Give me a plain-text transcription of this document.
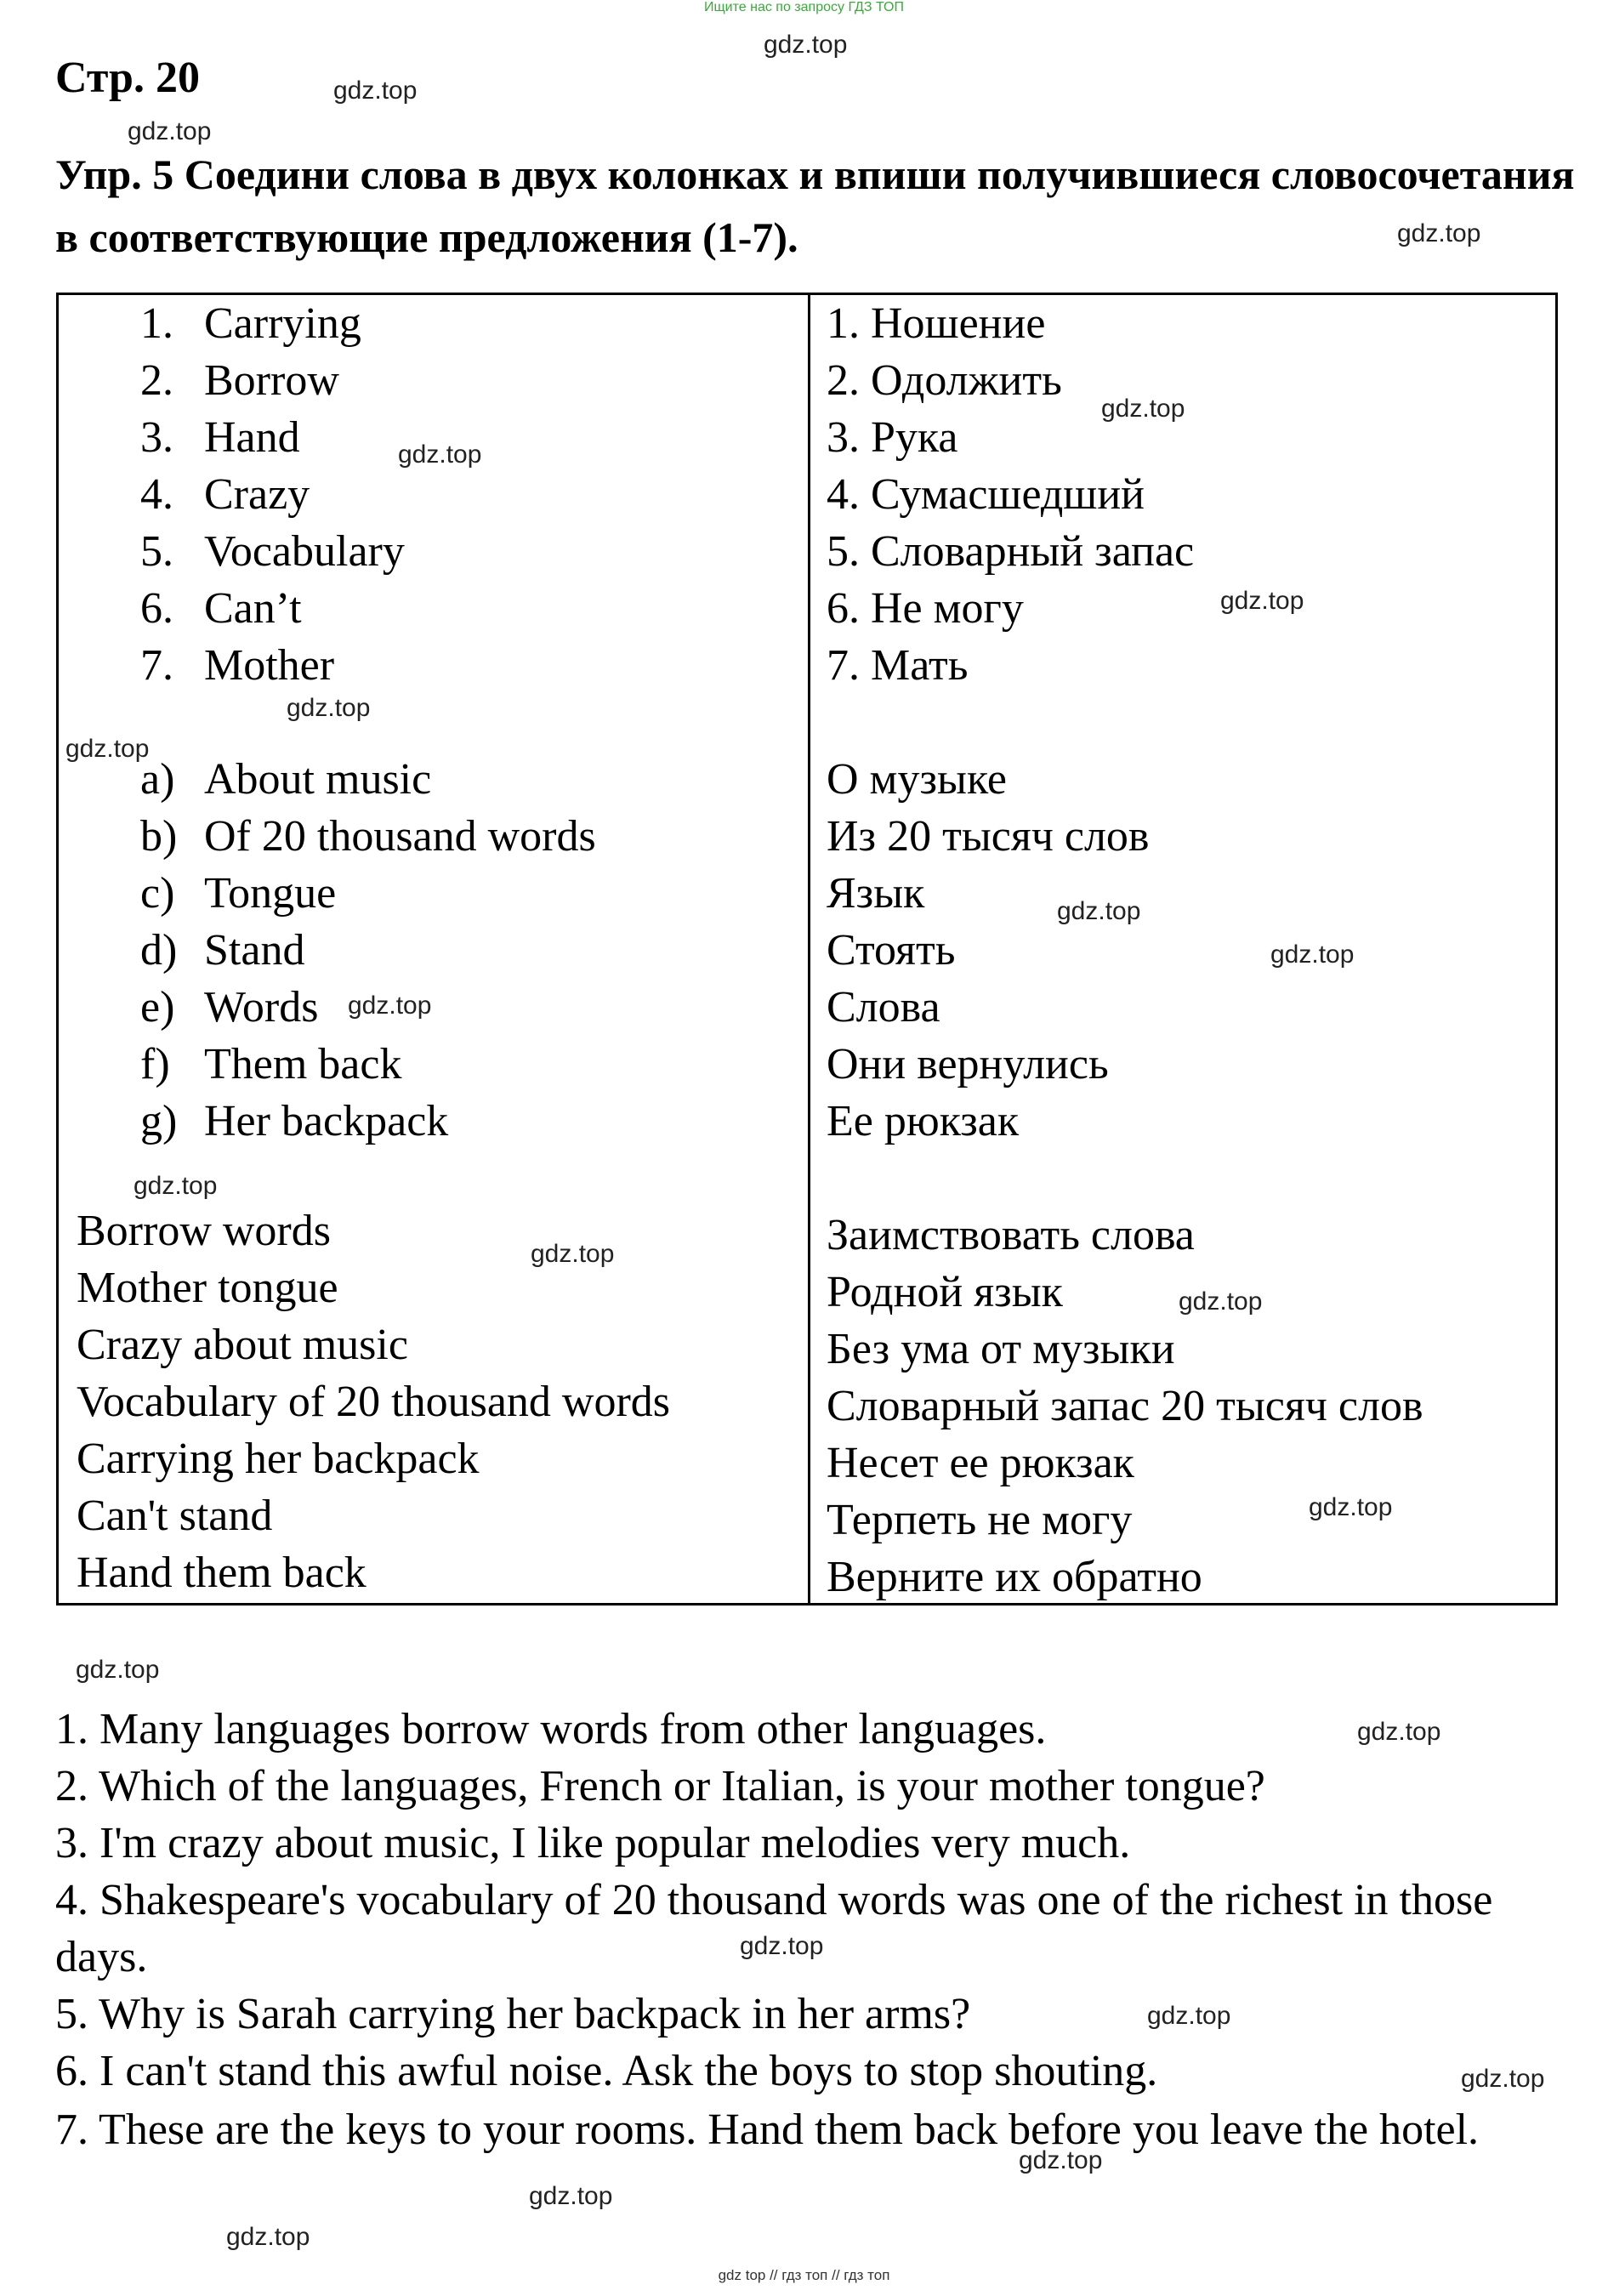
Ищите нас по запросу ГДЗ ТОП
Стр. 20
Упр. 5 Соедини слова в двух колонках и впиши получившиеся словосочетания в соответствующие предложения (1-7).
1. Carrying
2. Borrow
3. Hand
4. Crazy
5. Vocabulary
6. Can’t
7. Mother
a) About music
b) Of 20 thousand words
c) Tongue
d) Stand
e) Words
f) Them back
g) Her backpack
Borrow words
Mother tongue
Crazy about music
Vocabulary of 20 thousand words
Carrying her backpack
Can't stand
Hand them back
1. Ношение
2. Одолжить
3. Рука
4. Сумасшедший
5. Словарный запас
6. Не могу
7. Мать
О музыке
Из 20 тысяч слов
Язык
Стоять
Слова
Они вернулись
Ее рюкзак
Заимствовать слова
Родной язык
Без ума от музыки
Словарный запас 20 тысяч слов
Несет ее рюкзак
Терпеть не могу
Верните их обратно

1. Many languages borrow words from other languages.

2. Which of the languages, French or Italian, is your mother tongue?

3. I'm crazy about music, I like popular melodies very much.

4. Shakespeare's vocabulary of 20 thousand words was one of the richest in those days.

5. Why is Sarah carrying her backpack in her arms?

6. I can't stand this awful noise. Ask the boys to stop shouting.

7. These are the keys to your rooms. Hand them back before you leave the hotel.

gdz.top
gdz.top
gdz.top
gdz.top
gdz.top
gdz.top
gdz.top
gdz.top
gdz.top
gdz.top
gdz.top
gdz.top
gdz.top
gdz.top
gdz.top
gdz.top
gdz.top
gdz.top
gdz.top
gdz.top
gdz.top
gdz.top
gdz.top
gdz.top
gdz top // гдз топ // гдз топ
